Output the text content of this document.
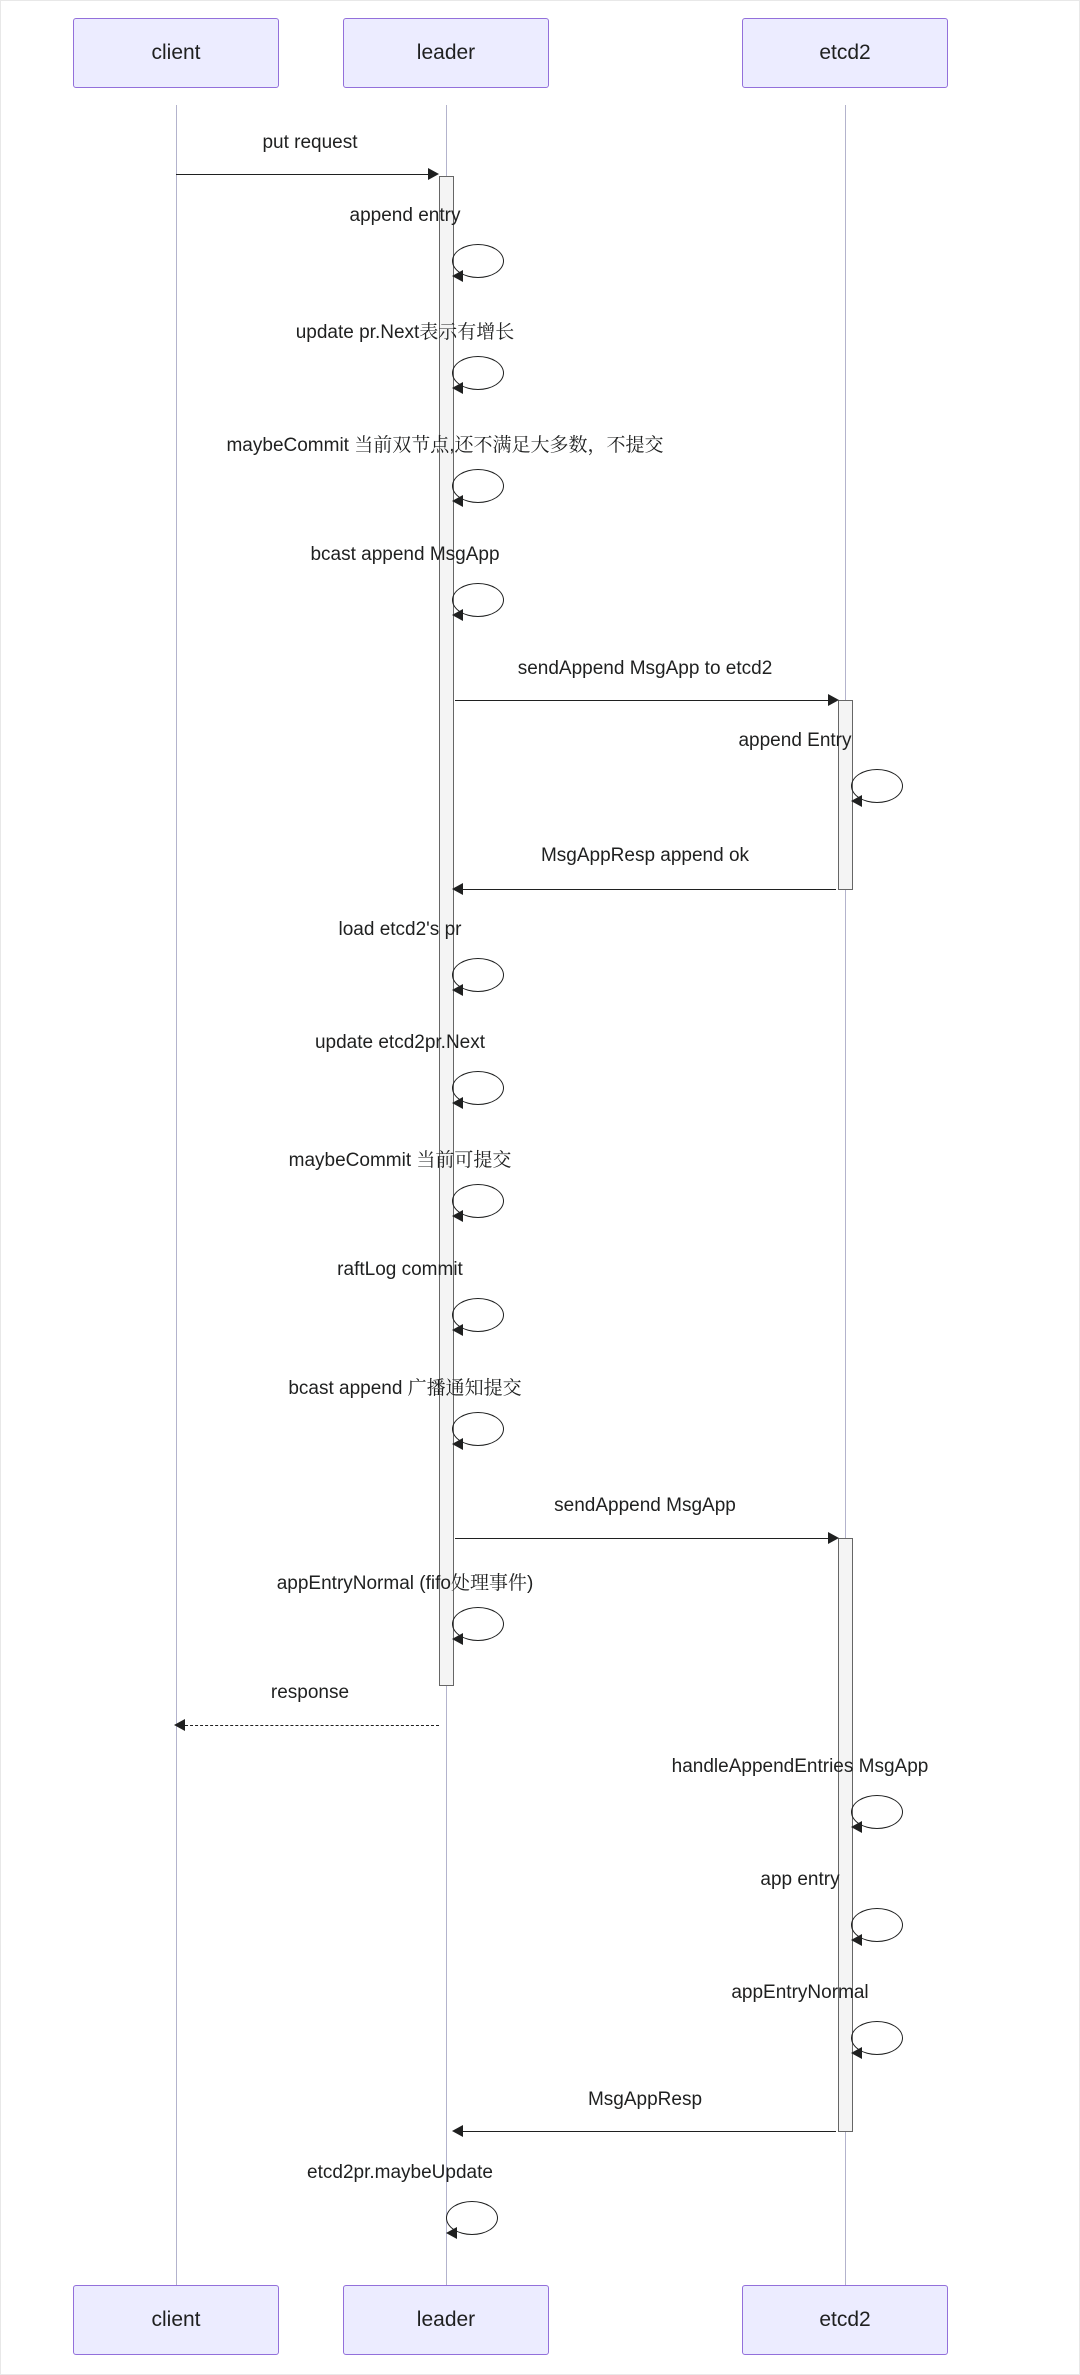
client	leader	etcd2
client	leader	etcd2
put request
append entry
update pr.Next表示有增长
maybeCommit 当前双节点,还不满足大多数，不提交
bcast append MsgApp
sendAppend MsgApp to etcd2
append Entry
MsgAppResp append ok
load etcd2's pr
update etcd2pr.Next
maybeCommit 当前可提交
raftLog commit
bcast append 广播通知提交
sendAppend MsgApp
appEntryNormal (fifo处理事件)
response
handleAppendEntries MsgApp
app entry
appEntryNormal
MsgAppResp
etcd2pr.maybeUpdate
